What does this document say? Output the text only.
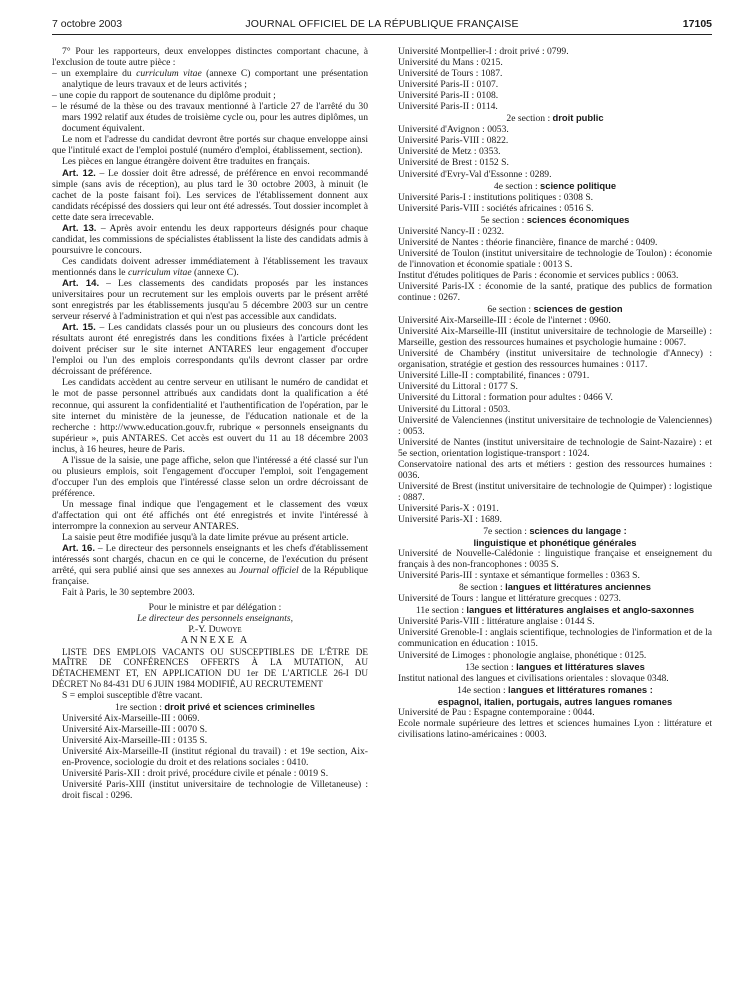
7 octobre 2003	JOURNAL OFFICIEL DE LA RÉPUBLIQUE FRANÇAISE	17105

7° Pour les rapporteurs, deux enveloppes distinctes comportant chacune, à l'exclusion de toute autre pièce :

– un exemplaire du curriculum vitae (annexe C) comportant une présentation analytique de leurs travaux et de leurs activités ;

– une copie du rapport de soutenance du diplôme produit ;

– le résumé de la thèse ou des travaux mentionné à l'article 27 de l'arrêté du 30 mars 1992 relatif aux études de troisième cycle ou, pour les autres diplômes, un document équivalent.

Le nom et l'adresse du candidat devront être portés sur chaque enveloppe ainsi que l'intitulé exact de l'emploi postulé (numéro d'emploi, établissement, section).

Les pièces en langue étrangère doivent être traduites en français.

Art. 12. – Le dossier doit être adressé, de préférence en envoi recommandé simple (sans avis de réception), au plus tard le 30 octobre 2003, à minuit (le cachet de la poste faisant foi). Les services de l'établissement donnent aux candidats récépissé des dossiers qui leur ont été adressés. Tout dossier incomplet à cette date sera irrecevable.

Art. 13. – Après avoir entendu les deux rapporteurs désignés pour chaque candidat, les commissions de spécialistes établissent la liste des candidats admis à poursuivre le concours.

Ces candidats doivent adresser immédiatement à l'établissement les travaux mentionnés dans le curriculum vitae (annexe C).

Art. 14. – Les classements des candidats proposés par les instances universitaires pour un recrutement sur les emplois ouverts par le présent arrêté sont enregistrés par les établissements jusqu'au 5 décembre 2003 sur un centre serveur réservé à l'administration et qui n'est pas accessible aux candidats.

Art. 15. – Les candidats classés pour un ou plusieurs des concours dont les résultats auront été enregistrés dans les conditions fixées à l'article précédent doivent préciser sur le site internet ANTARES leur engagement d'occuper l'emploi ou l'un des emplois correspondants qu'ils devront classer par ordre décroissant de préférence.

Les candidats accèdent au centre serveur en utilisant le numéro de candidat et le mot de passe personnel attribués aux candidats dont la qualification a été reconnue, qui assurent la confidentialité et l'authentification de l'opération, par le site internet du ministère de la jeunesse, de l'éducation nationale et de la recherche : http://www.education.gouv.fr, rubrique « personnels enseignants du supérieur », puis ANTARES. Cet accès est ouvert du 11 au 18 décembre 2003 inclus, à 16 heures, heure de Paris.

A l'issue de la saisie, une page affiche, selon que l'intéressé a été classé sur l'un ou plusieurs emplois, soit l'engagement d'occuper l'emploi, soit l'engagement d'occuper l'un des emplois que l'intéressé classe selon un ordre décroissant de préférence.

Un message final indique que l'engagement et le classement des vœux d'affectation qui ont été affichés ont été enregistrés et invite l'intéressé à interrompre la connexion au serveur ANTARES.

La saisie peut être modifiée jusqu'à la date limite prévue au présent article.

Art. 16. – Le directeur des personnels enseignants et les chefs d'établissement intéressés sont chargés, chacun en ce qui le concerne, de l'exécution du présent arrêté, qui sera publié ainsi que ses annexes au Journal officiel de la République française.

Fait à Paris, le 30 septembre 2003.

Pour le ministre et par délégation :

Le directeur des personnels enseignants,

P.-Y. Duwoye

ANNEXE A

LISTE DES EMPLOIS VACANTS OU SUSCEPTIBLES DE L'ÊTRE DE MAÎTRE DE CONFÉRENCES OFFERTS À LA MUTATION, AU DÉTACHEMENT ET, EN APPLICATION DU 1er DE L'ARTICLE 26-I DU DÉCRET No 84-431 DU 6 JUIN 1984 MODIFIÉ, AU RECRUTEMENT

S = emploi susceptible d'être vacant.

1re section : droit privé et sciences criminelles

Université Aix-Marseille-III : 0069.

Université Aix-Marseille-III : 0070 S.

Université Aix-Marseille-III : 0135 S.

Université Aix-Marseille-II (institut régional du travail) : et 19e section, Aix-en-Provence, sociologie du droit et des relations sociales : 0410.

Université Paris-XII : droit privé, procédure civile et pénale : 0019 S.

Université Paris-XIII (institut universitaire de technologie de Villetaneuse) : droit fiscal : 0296.

Université Montpellier-I : droit privé : 0799.

Université du Mans : 0215.

Université de Tours : 1087.

Université Paris-II : 0107.

Université Paris-II : 0108.

Université Paris-II : 0114.

2e section : droit public

Université d'Avignon : 0053.

Université Paris-VIII : 0822.

Université de Metz : 0353.

Université de Brest : 0152 S.

Université d'Evry-Val d'Essonne : 0289.

4e section : science politique

Université Paris-I : institutions politiques : 0308 S.

Université Paris-VIII : sociétés africaines : 0516 S.

5e section : sciences économiques

Université Nancy-II : 0232.

Université de Nantes : théorie financière, finance de marché : 0409.

Université de Toulon (institut universitaire de technologie de Toulon) : économie de l'innovation et économie spatiale : 0013 S.

Institut d'études politiques de Paris : économie et services publics : 0063.

Université Paris-IX : économie de la santé, pratique des publics de formation continue : 0267.

6e section : sciences de gestion

Université Aix-Marseille-III : école de l'internet : 0960.

Université Aix-Marseille-III (institut universitaire de technologie de Marseille) : Marseille, gestion des ressources humaines et psychologie humaine : 0067.

Université de Chambéry (institut universitaire de technologie d'Annecy) : organisation, stratégie et gestion des ressources humaines : 0117.

Université Lille-II : comptabilité, finances : 0791.

Université du Littoral : 0177 S.

Université du Littoral : formation pour adultes : 0466 V.

Université du Littoral : 0503.

Université de Valenciennes (institut universitaire de technologie de Valenciennes) : 0053.

Université de Nantes (institut universitaire de technologie de Saint-Nazaire) : et 5e section, orientation logistique-transport : 1024.

Conservatoire national des arts et métiers : gestion des ressources humaines : 0036.

Université de Brest (institut universitaire de technologie de Quimper) : logistique : 0887.

Université Paris-X : 0191.

Université Paris-XI : 1689.

7e section : sciences du langage :
linguistique et phonétique générales

Université de Nouvelle-Calédonie : linguistique française et enseignement du français à des non-francophones : 0035 S.

Université Paris-III : syntaxe et sémantique formelles : 0363 S.

8e section : langues et littératures anciennes

Université de Tours : langue et littérature grecques : 0273.

11e section : langues et littératures anglaises et anglo-saxonnes

Université Paris-VIII : littérature anglaise : 0144 S.

Université Grenoble-I : anglais scientifique, technologies de l'information et de la communication en éducation : 1015.

Université de Limoges : phonologie anglaise, phonétique : 0125.

13e section : langues et littératures slaves

Institut national des langues et civilisations orientales : slovaque 0348.

14e section : langues et littératures romanes :
espagnol, italien, portugais, autres langues romanes

Université de Pau : Espagne contemporaine : 0044.

Ecole normale supérieure des lettres et sciences humaines Lyon : littérature et civilisations latino-américaines : 0003.
